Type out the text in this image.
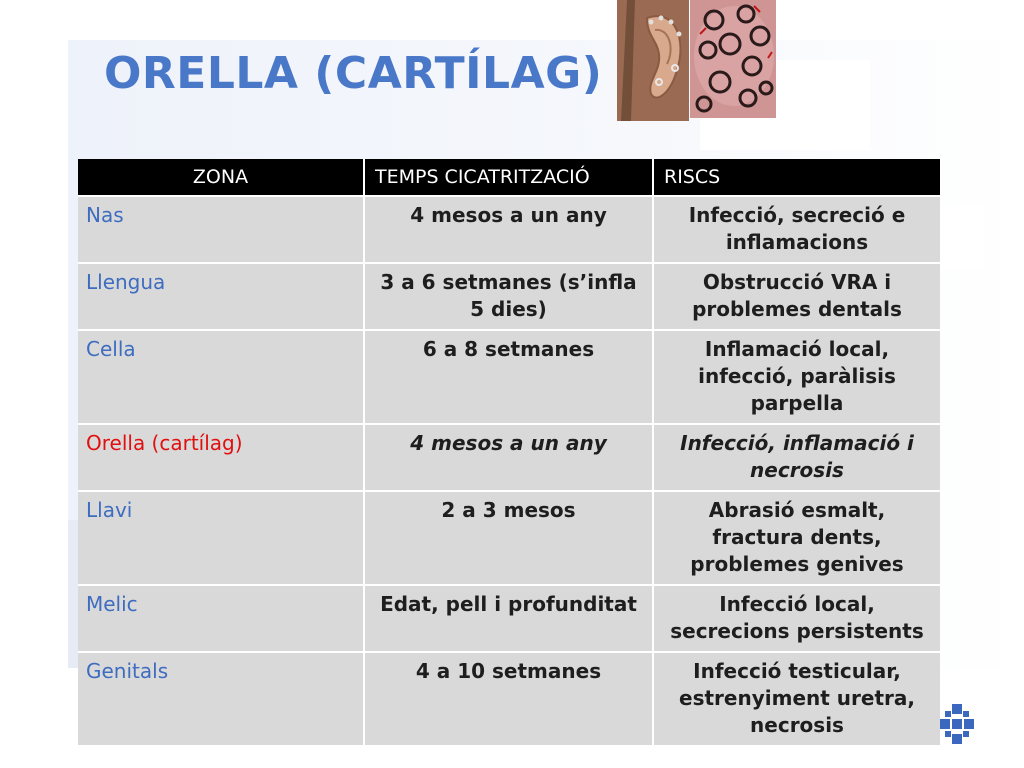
ORELLA (CARTÍLAG)
ZONA	TEMPS CICATRITZACIÓ	RISCS
Nas	4 mesos a un any	Infecció, secreció e inflamacions
Llengua	3 a 6 setmanes (s’infla 5 dies)	Obstrucció VRA i problemes dentals
Cella	6 a 8 setmanes	Inflamació local, infecció, paràlisis parpella
Orella (cartílag)	4 mesos a un any	Infecció, inflamació i necrosis
Llavi	2 a 3 mesos	Abrasió esmalt, fractura dents, problemes genives
Melic	Edat, pell i profunditat	Infecció local, secrecions persistents
Genitals	4 a 10 setmanes	Infecció testicular, estrenyiment uretra, necrosis
